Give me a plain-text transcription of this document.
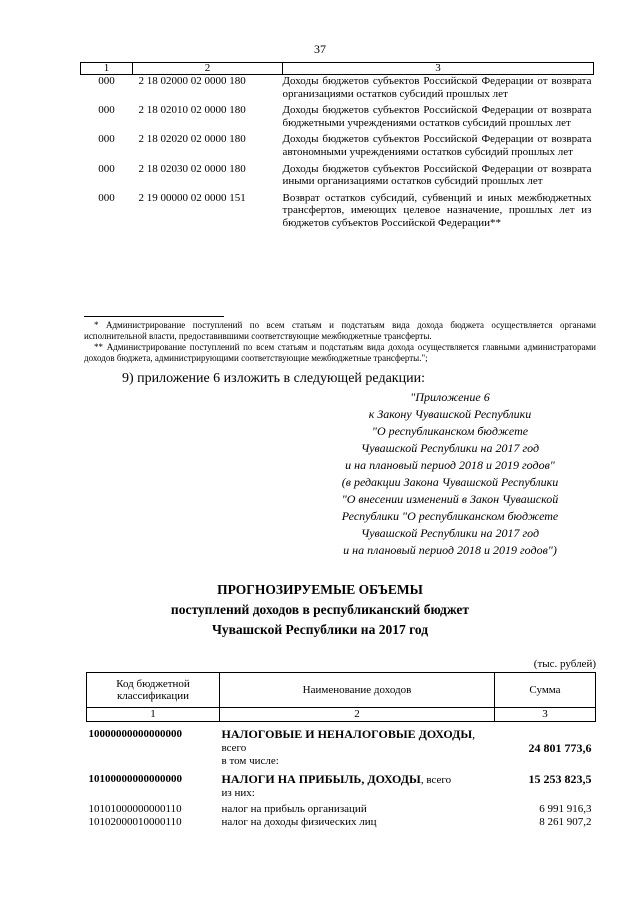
37
1	2	3
000	2 18 02000 02 0000 180	Доходы бюджетов субъектов Российской Федерации от возврата организациями остатков субсидий прошлых лет
000	2 18 02010 02 0000 180	Доходы бюджетов субъектов Российской Федерации от возврата бюджетными учреждениями остатков субсидий прошлых лет
000	2 18 02020 02 0000 180	Доходы бюджетов субъектов Российской Федерации от возврата автономными учреждениями остатков субсидий прошлых лет
000	2 18 02030 02 0000 180	Доходы бюджетов субъектов Российской Федерации от возврата иными организациями остатков субсидий прошлых лет
000	2 19 00000 02 0000 151	Возврат остатков субсидий, субвенций и иных межбюджетных трансфертов, имеющих целевое назначение, прошлых лет из бюджетов субъектов Российской Федерации**

* Администрирование поступлений по всем статьям и подстатьям вида дохода бюджета осуществляется органами исполнительной власти, предоставившими соответствующие межбюджетные трансферты.

** Администрирование поступлений по всем статьям и подстатьям вида дохода осуществляется главными администраторами доходов бюджета, администрирующими соответствующие межбюджетные трансферты.";

9) приложение 6 изложить в следующей редакции:
"Приложение 6
к Закону Чувашской Республики
"О республиканском бюджете
Чувашской Республики на 2017 год
и на плановый период 2018 и 2019 годов"
(в редакции Закона Чувашской Республики
"О внесении изменений в Закон Чувашской
Республики "О республиканском бюджете
Чувашской Республики на 2017 год
и на плановый период 2018 и 2019 годов")
ПРОГНОЗИРУЕМЫЕ ОБЪЕМЫ
поступлений доходов в республиканский бюджет
Чувашской Республики на 2017 год
(тыс. рублей)
Код бюджетной классификации	Наименование доходов	Сумма
1	2	3
10000000000000000	НАЛОГОВЫЕ И НЕНАЛОГОВЫЕ ДОХОДЫ,	
	всего	24 801 773,6
	в том числе:	
10100000000000000	НАЛОГИ НА ПРИБЫЛЬ, ДОХОДЫ, всего	15 253 823,5
	из них:	
10101000000000110	налог на прибыль организаций	6 991 916,3
10102000010000110	налог на доходы физических лиц	8 261 907,2
